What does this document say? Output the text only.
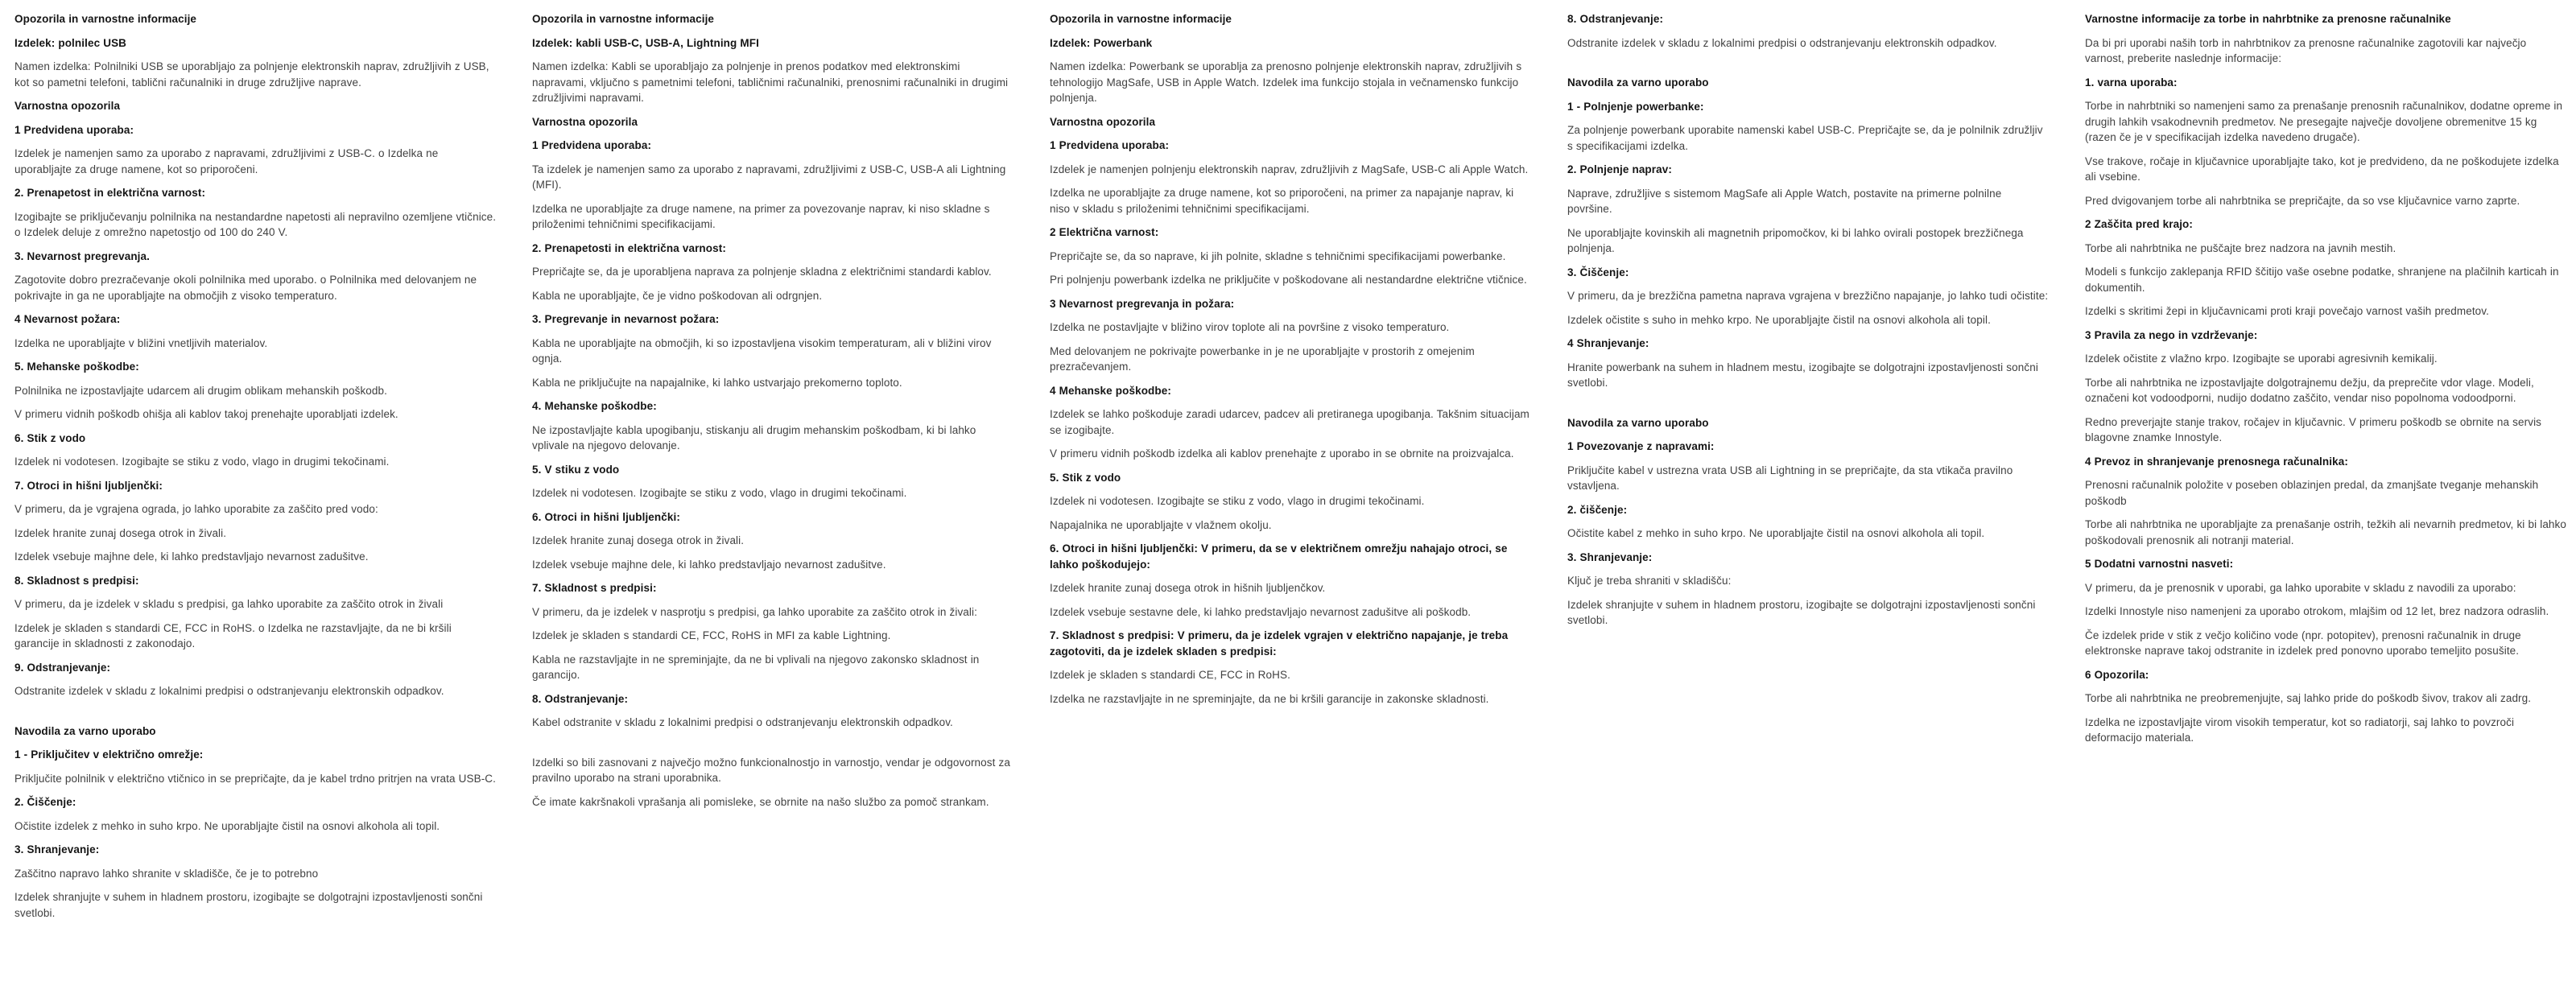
Opozorila in varnostne informacije

Izdelek: polnilec USB

Namen izdelka: Polnilniki USB se uporabljajo za polnjenje elektronskih naprav, združljivih z USB, kot so pametni telefoni, tablični računalniki in druge združljive naprave.

Varnostna opozorila

1 Predvidena uporaba:

Izdelek je namenjen samo za uporabo z napravami, združljivimi z USB-C. o Izdelka ne uporabljajte za druge namene, kot so priporočeni.

2. Prenapetost in električna varnost:

Izogibajte se priključevanju polnilnika na nestandardne napetosti ali nepravilno ozemljene vtičnice. o Izdelek deluje z omrežno napetostjo od 100 do 240 V.

3. Nevarnost pregrevanja.

Zagotovite dobro prezračevanje okoli polnilnika med uporabo. o Polnilnika med delovanjem ne pokrivajte in ga ne uporabljajte na območjih z visoko temperaturo.

4 Nevarnost požara:

Izdelka ne uporabljajte v bližini vnetljivih materialov.

5. Mehanske poškodbe:

Polnilnika ne izpostavljajte udarcem ali drugim oblikam mehanskih poškodb.

V primeru vidnih poškodb ohišja ali kablov takoj prenehajte uporabljati izdelek.

6. Stik z vodo

Izdelek ni vodotesen. Izogibajte se stiku z vodo, vlago in drugimi tekočinami.

7. Otroci in hišni ljubljenčki:

V primeru, da je vgrajena ograda, jo lahko uporabite za zaščito pred vodo:

Izdelek hranite zunaj dosega otrok in živali.

Izdelek vsebuje majhne dele, ki lahko predstavljajo nevarnost zadušitve.

8. Skladnost s predpisi:

V primeru, da je izdelek v skladu s predpisi, ga lahko uporabite za zaščito otrok in živali

Izdelek je skladen s standardi CE, FCC in RoHS. o Izdelka ne razstavljajte, da ne bi kršili garancije in skladnosti z zakonodajo.

9. Odstranjevanje:

Odstranite izdelek v skladu z lokalnimi predpisi o odstranjevanju elektronskih odpadkov.

Navodila za varno uporabo

1 - Priključitev v električno omrežje:

Priključite polnilnik v električno vtičnico in se prepričajte, da je kabel trdno pritrjen na vrata USB-C.

2. Čiščenje:

Očistite izdelek z mehko in suho krpo. Ne uporabljajte čistil na osnovi alkohola ali topil.

3. Shranjevanje:

Zaščitno napravo lahko shranite v skladišče, če je to potrebno

Izdelek shranjujte v suhem in hladnem prostoru, izogibajte se dolgotrajni izpostavljenosti sončni svetlobi.

Opozorila in varnostne informacije

Izdelek: kabli USB-C, USB-A, Lightning MFI

Namen izdelka: Kabli se uporabljajo za polnjenje in prenos podatkov med elektronskimi napravami, vključno s pametnimi telefoni, tabličnimi računalniki, prenosnimi računalniki in drugimi združljivimi napravami.

Varnostna opozorila

1 Predvidena uporaba:

Ta izdelek je namenjen samo za uporabo z napravami, združljivimi z USB-C, USB-A ali Lightning (MFI).

Izdelka ne uporabljajte za druge namene, na primer za povezovanje naprav, ki niso skladne s priloženimi tehničnimi specifikacijami.

2. Prenapetosti in električna varnost:

Prepričajte se, da je uporabljena naprava za polnjenje skladna z električnimi standardi kablov.

Kabla ne uporabljajte, če je vidno poškodovan ali odrgnjen.

3. Pregrevanje in nevarnost požara:

Kabla ne uporabljajte na območjih, ki so izpostavljena visokim temperaturam, ali v bližini virov ognja.

Kabla ne priključujte na napajalnike, ki lahko ustvarjajo prekomerno toploto.

4. Mehanske poškodbe:

Ne izpostavljajte kabla upogibanju, stiskanju ali drugim mehanskim poškodbam, ki bi lahko vplivale na njegovo delovanje.

5. V stiku z vodo

Izdelek ni vodotesen. Izogibajte se stiku z vodo, vlago in drugimi tekočinami.

6. Otroci in hišni ljubljenčki:

Izdelek hranite zunaj dosega otrok in živali.

Izdelek vsebuje majhne dele, ki lahko predstavljajo nevarnost zadušitve.

7. Skladnost s predpisi:

V primeru, da je izdelek v nasprotju s predpisi, ga lahko uporabite za zaščito otrok in živali:

Izdelek je skladen s standardi CE, FCC, RoHS in MFI za kable Lightning.

Kabla ne razstavljajte in ne spreminjajte, da ne bi vplivali na njegovo zakonsko skladnost in garancijo.

8. Odstranjevanje:

Kabel odstranite v skladu z lokalnimi predpisi o odstranjevanju elektronskih odpadkov.

Izdelki so bili zasnovani z največjo možno funkcionalnostjo in varnostjo, vendar je odgovornost za pravilno uporabo na strani uporabnika.

Če imate kakršnakoli vprašanja ali pomisleke, se obrnite na našo službo za pomoč strankam.

Opozorila in varnostne informacije

Izdelek: Powerbank

Namen izdelka: Powerbank se uporablja za prenosno polnjenje elektronskih naprav, združljivih s tehnologijo MagSafe, USB in Apple Watch. Izdelek ima funkcijo stojala in večnamensko funkcijo polnjenja.

Varnostna opozorila

1 Predvidena uporaba:

Izdelek je namenjen polnjenju elektronskih naprav, združljivih z MagSafe, USB-C ali Apple Watch.

Izdelka ne uporabljajte za druge namene, kot so priporočeni, na primer za napajanje naprav, ki niso v skladu s priloženimi tehničnimi specifikacijami.

2 Električna varnost:

Prepričajte se, da so naprave, ki jih polnite, skladne s tehničnimi specifikacijami powerbanke.

Pri polnjenju powerbank izdelka ne priključite v poškodovane ali nestandardne električne vtičnice.

3 Nevarnost pregrevanja in požara:

Izdelka ne postavljajte v bližino virov toplote ali na površine z visoko temperaturo.

Med delovanjem ne pokrivajte powerbanke in je ne uporabljajte v prostorih z omejenim prezračevanjem.

4 Mehanske poškodbe:

Izdelek se lahko poškoduje zaradi udarcev, padcev ali pretiranega upogibanja. Takšnim situacijam se izogibajte.

V primeru vidnih poškodb izdelka ali kablov prenehajte z uporabo in se obrnite na proizvajalca.

5. Stik z vodo

Izdelek ni vodotesen. Izogibajte se stiku z vodo, vlago in drugimi tekočinami.

Napajalnika ne uporabljajte v vlažnem okolju.

6. Otroci in hišni ljubljenčki: V primeru, da se v električnem omrežju nahajajo otroci, se lahko poškodujejo:

Izdelek hranite zunaj dosega otrok in hišnih ljubljenčkov.

Izdelek vsebuje sestavne dele, ki lahko predstavljajo nevarnost zadušitve ali poškodb.

7. Skladnost s predpisi: V primeru, da je izdelek vgrajen v električno napajanje, je treba zagotoviti, da je izdelek skladen s predpisi:

Izdelek je skladen s standardi CE, FCC in RoHS.

Izdelka ne razstavljajte in ne spreminjajte, da ne bi kršili garancije in zakonske skladnosti.

8. Odstranjevanje:

Odstranite izdelek v skladu z lokalnimi predpisi o odstranjevanju elektronskih odpadkov.

Navodila za varno uporabo

1 - Polnjenje powerbanke:

Za polnjenje powerbank uporabite namenski kabel USB-C. Prepričajte se, da je polnilnik združljiv s specifikacijami izdelka.

2. Polnjenje naprav:

Naprave, združljive s sistemom MagSafe ali Apple Watch, postavite na primerne polnilne površine.

Ne uporabljajte kovinskih ali magnetnih pripomočkov, ki bi lahko ovirali postopek brezžičnega polnjenja.

3. Čiščenje:

V primeru, da je brezžična pametna naprava vgrajena v brezžično napajanje, jo lahko tudi očistite:

Izdelek očistite s suho in mehko krpo. Ne uporabljajte čistil na osnovi alkohola ali topil.

4 Shranjevanje:

Hranite powerbank na suhem in hladnem mestu, izogibajte se dolgotrajni izpostavljenosti sončni svetlobi.

Navodila za varno uporabo

1 Povezovanje z napravami:

Priključite kabel v ustrezna vrata USB ali Lightning in se prepričajte, da sta vtikača pravilno vstavljena.

2. čiščenje:

Očistite kabel z mehko in suho krpo. Ne uporabljajte čistil na osnovi alkohola ali topil.

3. Shranjevanje:

Ključ je treba shraniti v skladišču:

Izdelek shranjujte v suhem in hladnem prostoru, izogibajte se dolgotrajni izpostavljenosti sončni svetlobi.

Varnostne informacije za torbe in nahrbtnike za prenosne računalnike

Da bi pri uporabi naših torb in nahrbtnikov za prenosne računalnike zagotovili kar največjo varnost, preberite naslednje informacije:

1. varna uporaba:

Torbe in nahrbtniki so namenjeni samo za prenašanje prenosnih računalnikov, dodatne opreme in drugih lahkih vsakodnevnih predmetov. Ne presegajte največje dovoljene obremenitve 15 kg (razen če je v specifikacijah izdelka navedeno drugače).

Vse trakove, ročaje in ključavnice uporabljajte tako, kot je predvideno, da ne poškodujete izdelka ali vsebine.

Pred dvigovanjem torbe ali nahrbtnika se prepričajte, da so vse ključavnice varno zaprte.

2 Zaščita pred krajo:

Torbe ali nahrbtnika ne puščajte brez nadzora na javnih mestih.

Modeli s funkcijo zaklepanja RFID ščitijo vaše osebne podatke, shranjene na plačilnih karticah in dokumentih.

Izdelki s skritimi žepi in ključavnicami proti kraji povečajo varnost vaših predmetov.

3 Pravila za nego in vzdrževanje:

Izdelek očistite z vlažno krpo. Izogibajte se uporabi agresivnih kemikalij.

Torbe ali nahrbtnika ne izpostavljajte dolgotrajnemu dežju, da preprečite vdor vlage. Modeli, označeni kot vodoodporni, nudijo dodatno zaščito, vendar niso popolnoma vodoodporni.

Redno preverjajte stanje trakov, ročajev in ključavnic. V primeru poškodb se obrnite na servis blagovne znamke Innostyle.

4 Prevoz in shranjevanje prenosnega računalnika:

Prenosni računalnik položite v poseben oblazinjen predal, da zmanjšate tveganje mehanskih poškodb

Torbe ali nahrbtnika ne uporabljajte za prenašanje ostrih, težkih ali nevarnih predmetov, ki bi lahko poškodovali prenosnik ali notranji material.

5 Dodatni varnostni nasveti:

V primeru, da je prenosnik v uporabi, ga lahko uporabite v skladu z navodili za uporabo:

Izdelki Innostyle niso namenjeni za uporabo otrokom, mlajšim od 12 let, brez nadzora odraslih.

Če izdelek pride v stik z večjo količino vode (npr. potopitev), prenosni računalnik in druge elektronske naprave takoj odstranite in izdelek pred ponovno uporabo temeljito posušite.

6 Opozorila:

Torbe ali nahrbtnika ne preobremenjujte, saj lahko pride do poškodb šivov, trakov ali zadrg.

Izdelka ne izpostavljajte virom visokih temperatur, kot so radiatorji, saj lahko to povzroči deformacijo materiala.
